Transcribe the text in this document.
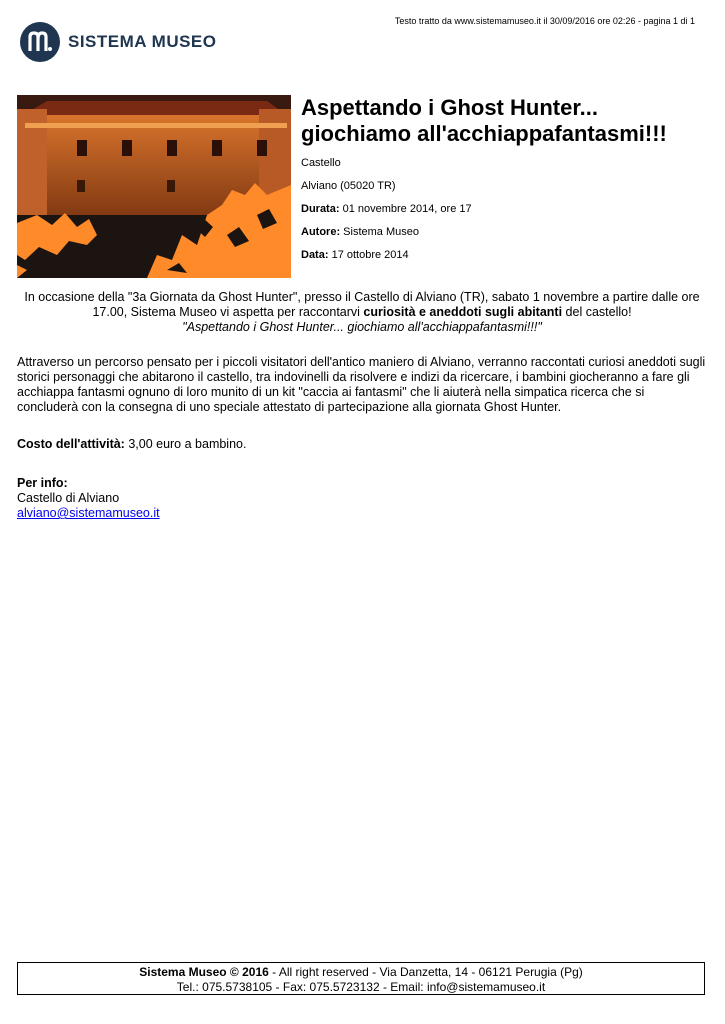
Testo tratto da www.sistemamuseo.it il 30/09/2016 ore 02:26 - pagina 1 di 1
SISTEMA MUSEO
Aspettando i Ghost Hunter...
giochiamo all'acchiappafantasmi!!!

Castello

Alviano (05020 TR)

Durata: 01 novembre 2014, ore 17

Autore: Sistema Museo

Data: 17 ottobre 2014

In occasione della "3a Giornata da Ghost Hunter", presso il Castello di Alviano (TR), sabato 1 novembre a partire dalle ore 17.00, Sistema Museo vi aspetta per raccontarvi curiosità e aneddoti sugli abitanti del castello!
"Aspettando i Ghost Hunter... giochiamo all'acchiappafantasmi!!!"
Attraverso un percorso pensato per i piccoli visitatori dell'antico maniero di Alviano, verranno raccontati curiosi aneddoti sugli storici personaggi che abitarono il castello, tra indovinelli da risolvere e indizi da ricercare, i bambini giocheranno a fare gli acchiappa fantasmi ognuno di loro munito di un kit "caccia ai fantasmi" che li aiuterà nella simpatica ricerca che si concluderà con la consegna di uno speciale attestato di partecipazione alla giornata Ghost Hunter.
Costo dell'attività: 3,00 euro a bambino.
Per info:
Castello di Alviano
alviano@sistemamuseo.it
Sistema Museo © 2016 - All right reserved - Via Danzetta, 14 - 06121 Perugia (Pg)
Tel.: 075.5738105 - Fax: 075.5723132 - Email: info@sistemamuseo.it
